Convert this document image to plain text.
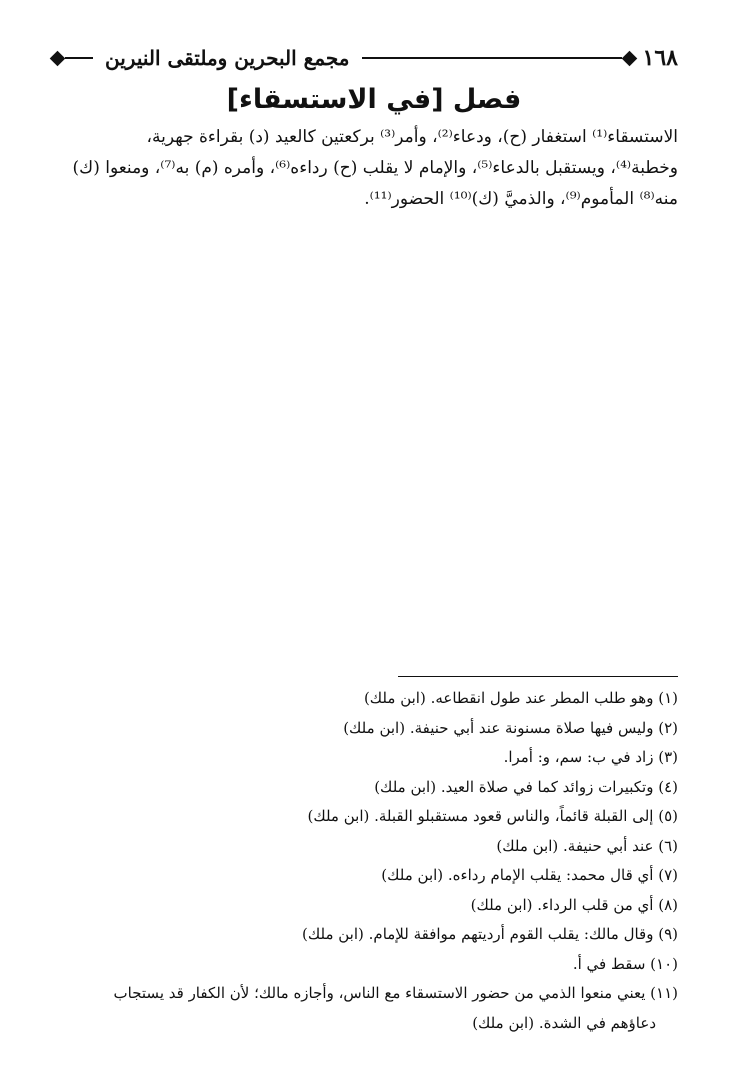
١٦٨
مجمع البحرين وملتقى النيرين
فصل [في الاستسقاء]
الاستسقاء⁽¹⁾ استغفار (ح)، ودعاء⁽²⁾، وأمر⁽³⁾ بركعتين كالعيد (د) بقراءة جهرية،
وخطبة⁽⁴⁾، ويستقبل بالدعاء⁽⁵⁾، والإمام لا يقلب (ح) رداءه⁽⁶⁾، وأمره (م) به⁽⁷⁾، ومنعوا (ك)
منه⁽⁸⁾ المأموم⁽⁹⁾، والذميَّ (ك)⁽¹⁰⁾ الحضور⁽¹¹⁾.
(١) وهو طلب المطر عند طول انقطاعه. (ابن ملك)
(٢) وليس فيها صلاة مسنونة عند أبي حنيفة. (ابن ملك)
(٣) زاد في ب: سم، و: أمرا.
(٤) وتكبيرات زوائد كما في صلاة العيد. (ابن ملك)
(٥) إلى القبلة قائماً، والناس قعود مستقبلو القبلة. (ابن ملك)
(٦) عند أبي حنيفة. (ابن ملك)
(٧) أي قال محمد: يقلب الإمام رداءه. (ابن ملك)
(٨) أي من قلب الرداء. (ابن ملك)
(٩) وقال مالك: يقلب القوم أرديتهم موافقة للإمام. (ابن ملك)
(١٠) سقط في أ.
(١١) يعني منعوا الذمي من حضور الاستسقاء مع الناس، وأجازه مالك؛ لأن الكفار قد يستجاب
دعاؤهم في الشدة. (ابن ملك)
